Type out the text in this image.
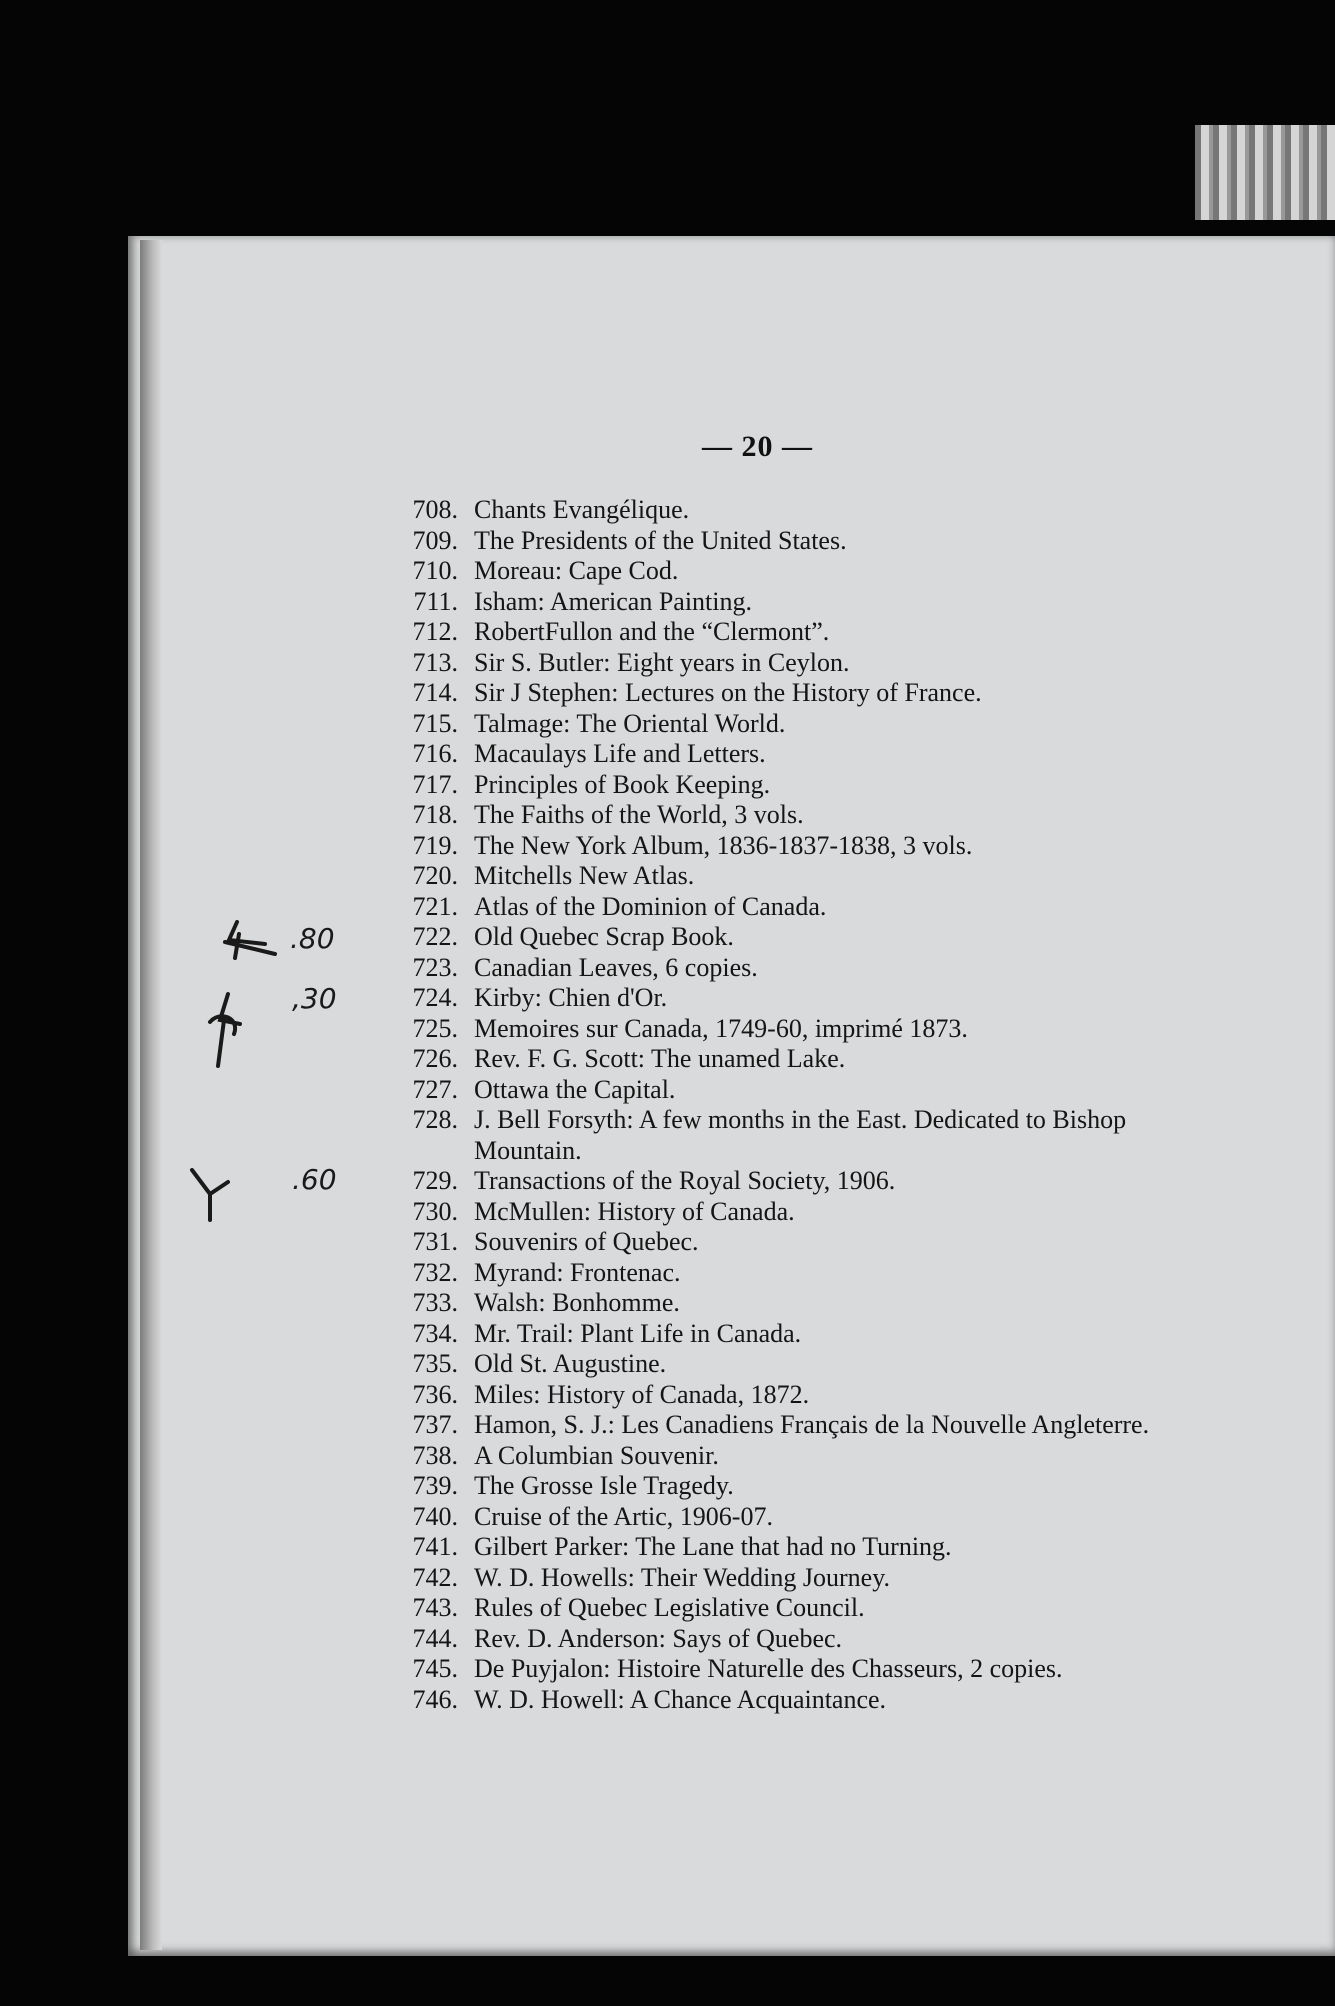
— 20 —
708. Chants Evangélique.
709. The Presidents of the United States.
710. Moreau: Cape Cod.
711. Isham: American Painting.
712. RobertFullon and the “Clermont”.
713. Sir S. Butler: Eight years in Ceylon.
714. Sir J Stephen: Lectures on the History of France.
715. Talmage: The Oriental World.
716. Macaulays Life and Letters.
717. Principles of Book Keeping.
718. The Faiths of the World, 3 vols.
719. The New York Album, 1836-1837-1838, 3 vols.
720. Mitchells New Atlas.
721. Atlas of the Dominion of Canada.
722. Old Quebec Scrap Book.
723. Canadian Leaves, 6 copies.
724. Kirby: Chien d'Or.
725. Memoires sur Canada, 1749-60, imprimé 1873.
726. Rev. F. G. Scott: The unamed Lake.
727. Ottawa the Capital.
728. J. Bell Forsyth: A few months in the East. Dedicated to Bishop Mountain.
729. Transactions of the Royal Society, 1906.
730. McMullen: History of Canada.
731. Souvenirs of Quebec.
732. Myrand: Frontenac.
733. Walsh: Bonhomme.
734. Mr. Trail: Plant Life in Canada.
735. Old St. Augustine.
736. Miles: History of Canada, 1872.
737. Hamon, S. J.: Les Canadiens Français de la Nouvelle Angleterre.
738. A Columbian Souvenir.
739. The Grosse Isle Tragedy.
740. Cruise of the Artic, 1906-07.
741. Gilbert Parker: The Lane that had no Turning.
742. W. D. Howells: Their Wedding Journey.
743. Rules of Quebec Legislative Council.
744. Rev. D. Anderson: Says of Quebec.
745. De Puyjalon: Histoire Naturelle des Chasseurs, 2 copies.
746. W. D. Howell: A Chance Acquaintance.
.80
,30
.60
